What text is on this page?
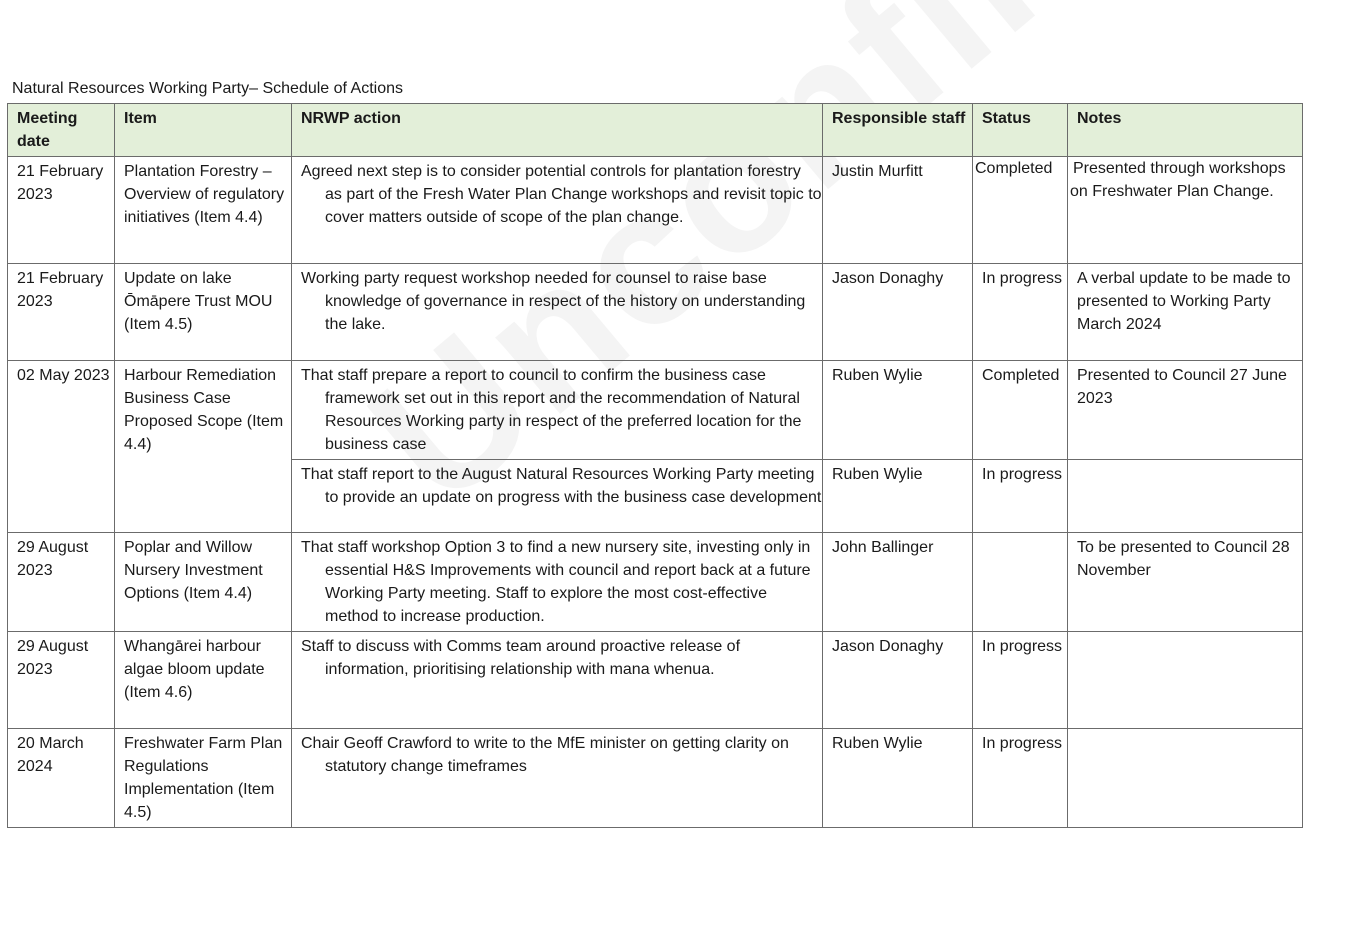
Natural Resources Working Party– Schedule of Actions
Meeting date	Item	NRWP action	Responsible staff	Status	Notes
21 February 2023	Plantation Forestry – Overview of regulatory initiatives (Item 4.4)	Agreed next step is to consider potential controls for plantation forestry as part of the Fresh Water Plan Change workshops and revisit topic to cover matters outside of scope of the plan change.	Justin Murfitt	Completed	Presented through workshops on Freshwater Plan Change.

21 February 2023	Update on lake Ōmāpere Trust MOU (Item 4.5)	Working party request workshop needed for counsel to raise base knowledge of governance in respect of the history on understanding the lake.	Jason Donaghy	In progress	A verbal update to be made to presented to Working Party March 2024
02 May 2023	Harbour Remediation Business Case Proposed Scope (Item 4.4)	That staff prepare a report to council to confirm the business case framework set out in this report and the recommendation of Natural Resources Working party in respect of the preferred location for the business case	Ruben Wylie	Completed	Presented to Council 27 June 2023

		That staff report to the August Natural Resources Working Party meeting to provide an update on progress with the business case development	Ruben Wylie	In progress	
29 August 2023	Poplar and Willow Nursery Investment Options (Item 4.4)	That staff workshop Option 3 to find a new nursery site, investing only in essential H&S Improvements with council and report back at a future Working Party meeting. Staff to explore the most cost-effective method to increase production.	John Ballinger		To be presented to Council 28 November
29 August 2023	Whangārei harbour algae bloom update (Item 4.6)	Staff to discuss with Comms team around proactive release of information, prioritising relationship with mana whenua.	Jason Donaghy	In progress	
20 March 2024	Freshwater Farm Plan Regulations Implementation (Item 4.5)	Chair Geoff Crawford to write to the MfE minister on getting clarity on statutory change timeframes	Ruben Wylie	In progress	
